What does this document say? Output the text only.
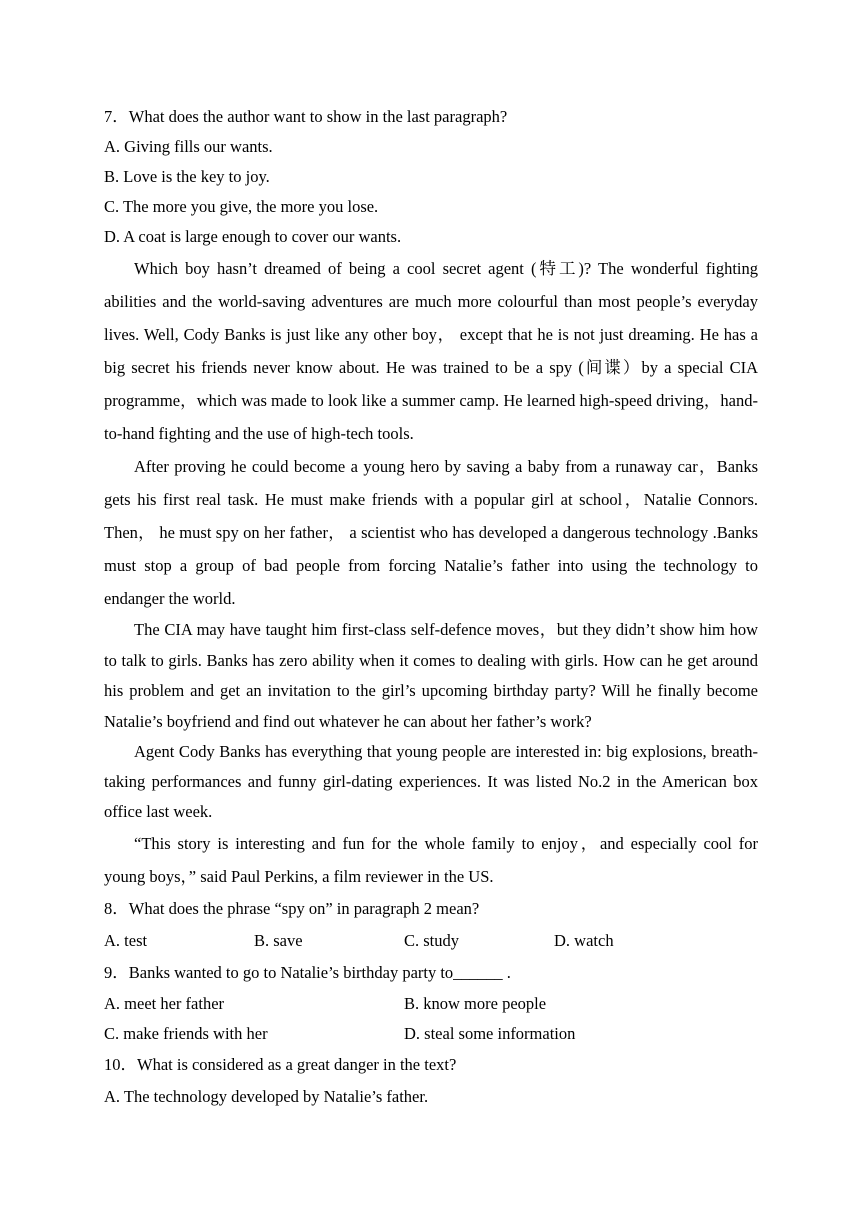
7．What does the author want to show in the last paragraph?
A. Giving fills our wants.
B. Love is the key to joy.
C. The more you give, the more you lose.
D. A coat is large enough to cover our wants.

Which boy hasn’t dreamed of being a cool secret agent (特工)? The wonderful fighting abilities and the world-saving adventures are much more colourful than most people’s everyday lives. Well, Cody Banks is just like any other boy， except that he is not just dreaming. He has a big secret his friends never know about. He was trained to be a spy (间谍）by a special CIA programme，which was made to look like a summer camp. He learned high-speed driving，hand-to-hand fighting and the use of high-tech tools.

After proving he could become a young hero by saving a baby from a runaway car，Banks gets his first real task. He must make friends with a popular girl at school，Natalie Connors. Then， he must spy on her father， a scientist who has developed a dangerous technology .Banks must stop a group of bad people from forcing Natalie’s father into using the technology to endanger the world.

The CIA may have taught him first-class self-defence moves，but they didn’t show him how to talk to girls. Banks has zero ability when it comes to dealing with girls. How can he get around his problem and get an invitation to the girl’s upcoming birthday party? Will he finally become Natalie’s boyfriend and find out whatever he can about her father’s work?

Agent Cody Banks has everything that young people are interested in: big explosions, breath-taking performances and funny girl-dating experiences. It was listed No.2 in the American box office last week.

“This story is interesting and fun for the whole family to enjoy，and especially cool for young boys，” said Paul Perkins, a film reviewer in the US.

8．What does the phrase “spy on” in paragraph 2 mean?
A. test	B. save	C. study	D. watch
9．Banks wanted to go to Natalie’s birthday party to______ .
A. meet her father	B. know more people
C. make friends with her	D. steal some information
10．What is considered as a great danger in the text?
A. The technology developed by Natalie’s father.
